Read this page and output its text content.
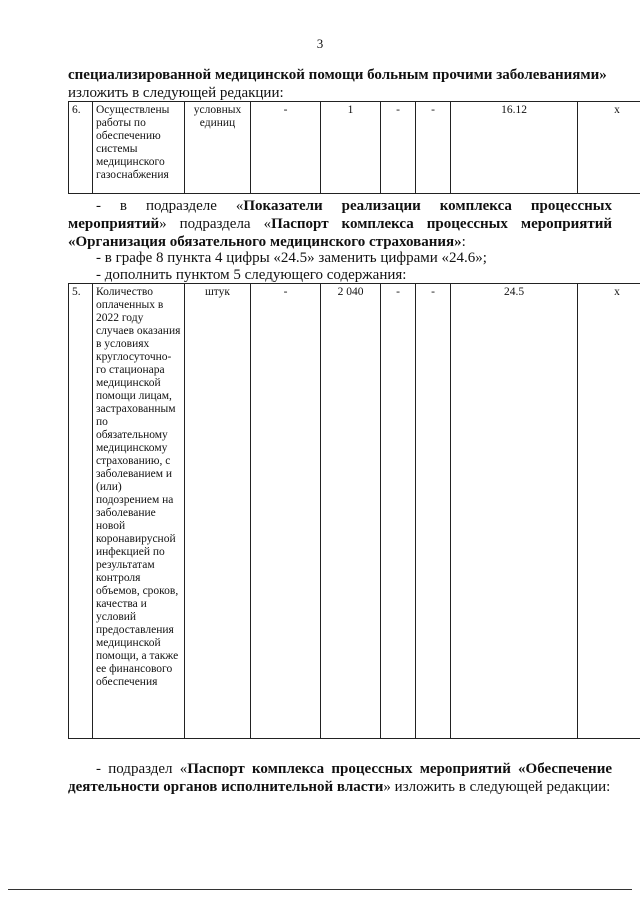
3
специализированной медицинской помощи больным прочими заболеваниями»
изложить в следующей редакции:
6.	Осуществлены работы по обеспечению системы медицинского газоснабжения	условных единиц	-	1	-	-	16.12	x
- в подразделе «Показатели реализации комплекса процессных мероприятий» подраздела «Паспорт комплекса процессных мероприятий «Организация обязательного медицинского страхования»:
- в графе 8 пункта 4 цифры «24.5» заменить цифрами «24.6»;
- дополнить пунктом 5 следующего содержания:
5.	Количество оплаченных в 2022 году случаев оказания в условиях круглосуточно-го стационара медицинской помощи лицам, застрахованным по обязательному медицинскому страхованию, с заболеванием и (или) подозрением на заболевание новой коронавирусной инфекцией по результатам контроля объемов, сроков, качества и условий предоставления медицинской помощи, а также ее финансового обеспечения	штук	-	2 040	-	-	24.5	x
- подраздел «Паспорт комплекса процессных мероприятий «Обеспечение деятельности органов исполнительной власти» изложить в следующей редакции:
